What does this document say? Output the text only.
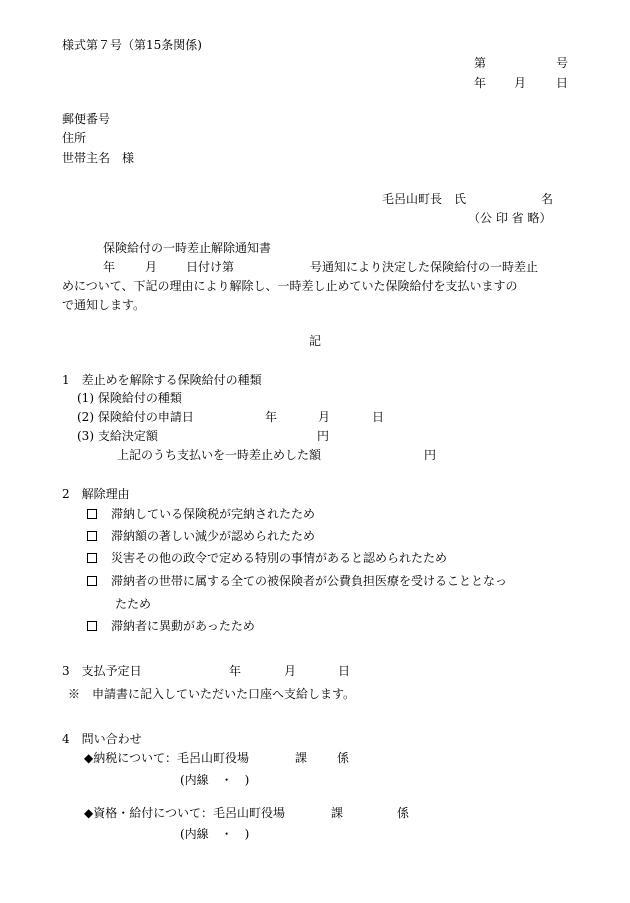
様式第７号（第15条関係)
第	号
年 月 日
郵便番号
住所
世帯主名　様
毛呂山町長　氏	名
（公 印 省 略）
保険給付の一時差止解除通知書
年 月 日付け第	号通知により決定した保険給付の一時差止
めについて、下記の理由により解除し、一時差し止めていた保険給付を支払いますの
で通知します。
記
1　差止めを解除する保険給付の種類
(1) 保険給付の種類
(2) 保険給付の申請日	年	月	日
(3) 支給決定額	円
上記のうち支払いを一時差止めした額	円
2　解除理由
滞納している保険税が完納されたため
滞納額の著しい減少が認められたため
災害その他の政令で定める特別の事情があると認められたため
滞納者の世帯に属する全ての被保険者が公費負担医療を受けることとなっ
たため
滞納者に異動があったため
3　支払予定日	年	月	日
※　申請書に記入していただいた口座へ支給します。
4　問い合わせ
◆納税について：毛呂山町役場	課 係
(内線　・　)
◆資格・給付について：毛呂山町役場	課	係
(内線　・　)
